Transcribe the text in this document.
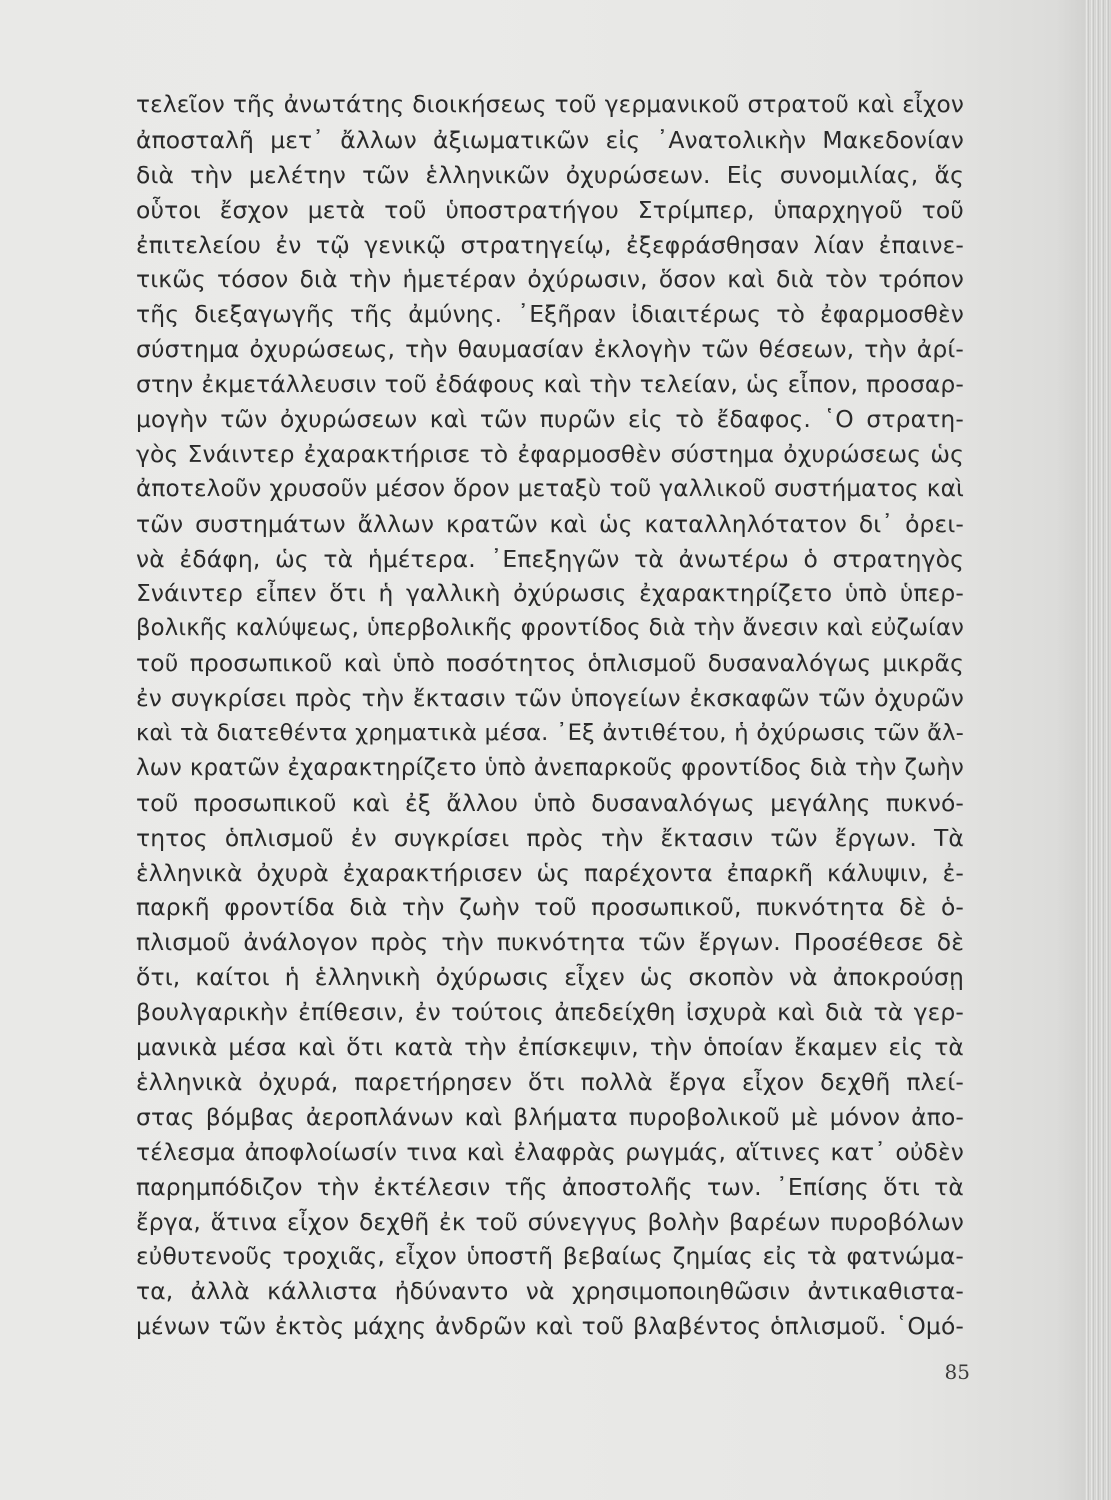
τελεῖον τῆς ἀνωτάτης διοικήσεως τοῦ γερμανικοῦ στρατοῦ καὶ εἶχον
ἀποσταλῆ μετ᾽ ἄλλων ἀξιωματικῶν εἰς ᾽Ανατολικὴν Μακεδονίαν
διὰ τὴν μελέτην τῶν ἑλληνικῶν ὀχυρώσεων. Εἰς συνομιλίας, ἅς
οὗτοι ἔσχον μετὰ τοῦ ὑποστρατήγου Στρίμπερ, ὑπαρχηγοῦ τοῦ
ἐπιτελείου ἐν τῷ γενικῷ στρατηγείῳ, ἐξεφράσθησαν λίαν ἐπαινε-
τικῶς τόσον διὰ τὴν ἡμετέραν ὀχύρωσιν, ὅσον καὶ διὰ τὸν τρόπον
τῆς διεξαγωγῆς τῆς ἀμύνης. ᾽Εξῆραν ἰδιαιτέρως τὸ ἐφαρμοσθὲν
σύστημα ὀχυρώσεως, τὴν θαυμασίαν ἐκλογὴν τῶν θέσεων, τὴν ἀρί-
στην ἐκμετάλλευσιν τοῦ ἐδάφους καὶ τὴν τελείαν, ὡς εἶπον, προσαρ-
μογὴν τῶν ὀχυρώσεων καὶ τῶν πυρῶν εἰς τὸ ἔδαφος. ῾Ο στρατη-
γὸς Σνάιντερ ἐχαρακτήρισε τὸ ἐφαρμοσθὲν σύστημα ὀχυρώσεως ὡς
ἀποτελοῦν χρυσοῦν μέσον ὅρον μεταξὺ τοῦ γαλλικοῦ συστήματος καὶ
τῶν συστημάτων ἄλλων κρατῶν καὶ ὡς καταλληλότατον δι᾽ ὀρει-
νὰ ἐδάφη, ὡς τὰ ἡμέτερα. ᾽Επεξηγῶν τὰ ἀνωτέρω ὁ στρατηγὸς
Σνάιντερ εἶπεν ὅτι ἡ γαλλικὴ ὀχύρωσις ἐχαρακτηρίζετο ὑπὸ ὑπερ-
βολικῆς καλύψεως, ὑπερβολικῆς φροντίδος διὰ τὴν ἄνεσιν καὶ εὐζωίαν
τοῦ προσωπικοῦ καὶ ὑπὸ ποσότητος ὁπλισμοῦ δυσαναλόγως μικρᾶς
ἐν συγκρίσει πρὸς τὴν ἔκτασιν τῶν ὑπογείων ἐκσκαφῶν τῶν ὀχυρῶν
καὶ τὰ διατεθέντα χρηματικὰ μέσα. ᾽Εξ ἀντιθέτου, ἡ ὀχύρωσις τῶν ἄλ-
λων κρατῶν ἐχαρακτηρίζετο ὑπὸ ἀνεπαρκοῦς φροντίδος διὰ τὴν ζωὴν
τοῦ προσωπικοῦ καὶ ἐξ ἄλλου ὑπὸ δυσαναλόγως μεγάλης πυκνό-
τητος ὁπλισμοῦ ἐν συγκρίσει πρὸς τὴν ἔκτασιν τῶν ἔργων. Τὰ
ἑλληνικὰ ὀχυρὰ ἐχαρακτήρισεν ὡς παρέχοντα ἐπαρκῆ κάλυψιν, ἐ-
παρκῆ φροντίδα διὰ τὴν ζωὴν τοῦ προσωπικοῦ, πυκνότητα δὲ ὁ-
πλισμοῦ ἀνάλογον πρὸς τὴν πυκνότητα τῶν ἔργων. Προσέθεσε δὲ
ὅτι, καίτοι ἡ ἑλληνικὴ ὀχύρωσις εἶχεν ὡς σκοπὸν νὰ ἀποκρούσῃ
βουλγαρικὴν ἐπίθεσιν, ἐν τούτοις ἀπεδείχθη ἰσχυρὰ καὶ διὰ τὰ γερ-
μανικὰ μέσα καὶ ὅτι κατὰ τὴν ἐπίσκεψιν, τὴν ὁποίαν ἔκαμεν εἰς τὰ
ἑλληνικὰ ὀχυρά, παρετήρησεν ὅτι πολλὰ ἔργα εἶχον δεχθῆ πλεί-
στας βόμβας ἀεροπλάνων καὶ βλήματα πυροβολικοῦ μὲ μόνον ἀπο-
τέλεσμα ἀποφλοίωσίν τινα καὶ ἐλαφρὰς ρωγμάς, αἵτινες κατ᾽ οὐδὲν
παρημπόδιζον τὴν ἐκτέλεσιν τῆς ἀποστολῆς των. ᾽Επίσης ὅτι τὰ
ἔργα, ἅτινα εἶχον δεχθῆ ἐκ τοῦ σύνεγγυς βολὴν βαρέων πυροβόλων
εὐθυτενοῦς τροχιᾶς, εἶχον ὑποστῆ βεβαίως ζημίας εἰς τὰ φατνώμα-
τα, ἀλλὰ κάλλιστα ἠδύναντο νὰ χρησιμοποιηθῶσιν ἀντικαθιστα-
μένων τῶν ἐκτὸς μάχης ἀνδρῶν καὶ τοῦ βλαβέντος ὁπλισμοῦ. ῾Ομό-
85
